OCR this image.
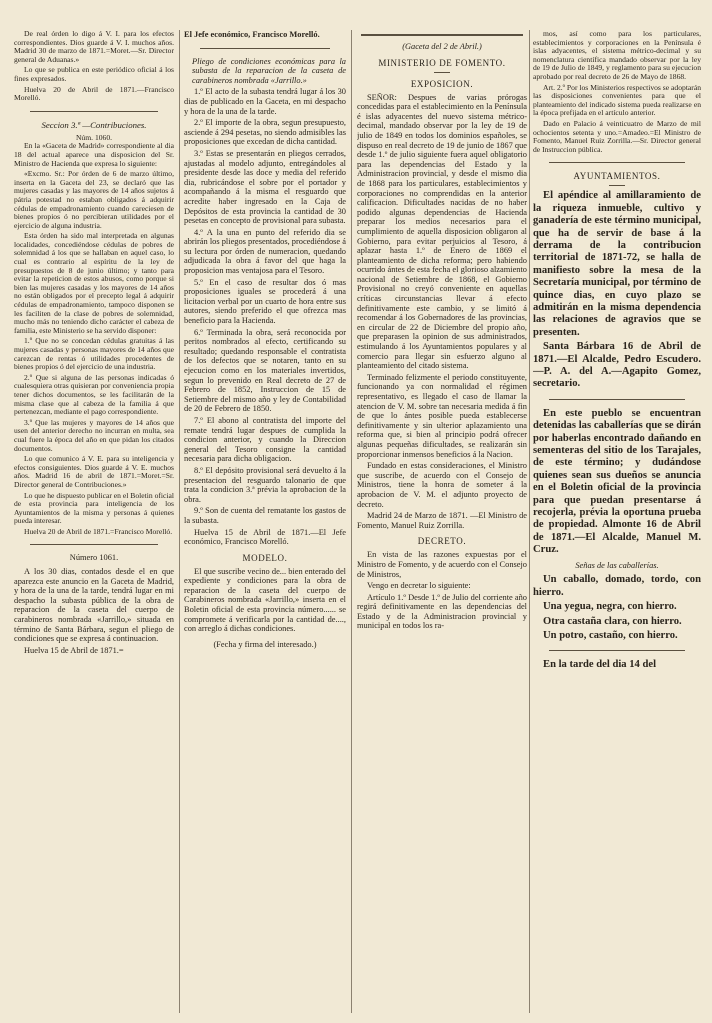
De real órden lo digo á V. I. para los efectos correspondientes. Dios guarde á V. I. muchos años. Madrid 30 de marzo de 1871.=Moret.—Sr. Director general de Aduanas.»

Lo que se publica en este periódico oficial á los fines expresados.

Huelva 20 de Abril de 1871.—Francisco Morelló.

Seccion 3.ª —Contribuciones.
Núm. 1060.

En la «Gaceta de Madrid» correspondiente al dia 18 del actual aparece una disposicion del Sr. Ministro de Hacienda que expresa lo siguiente:

«Excmo. Sr.: Por órden de 6 de marzo último, inserta en la Gaceta del 23, se declaró que las mujeres casadas y las mayores de 14 años sujetos á pátria potestad no estaban obligados á adquirir cédulas de empadronamiento cuando careciesen de bienes propios ó no percibieran utilidades por el ejercicio de alguna industria.

Esta órden ha sido mal interpretada en algunas localidades, concediéndose cédulas de pobres de solemnidad á los que se hallaban en aquel caso, lo cual es contrario al espíritu de la ley de presupuestos de 8 de junio último; y tanto para evitar la repeticion de estos abusos, como porque si bien las mujeres casadas y los mayores de 14 años no están obligados por el precepto legal á adquirir cédulas de empadronamiento, tampoco disponen se les faciliten de la clase de pobres de solemnidad, mucho más no teniendo dicho carácter el cabeza de familia, este Ministerio se ha servido disponer:

1.º Que no se concedan cédulas gratuitas á las mujeres casadas y personas mayores de 14 años que carezcan de rentas ó utilidades procedentes de bienes propios ó del ejercicio de una industria.

2.º Que si alguna de las personas indicadas ó cualesquiera otras quisieran por conveniencia propia tener dichos documentos, se les facilitarán de la misma clase que al cabeza de la familia á que pertenezcan, mediante el pago correspondiente.

3.º Que las mujeres y mayores de 14 años que usen del anterior derecho no incurran en multa, sea cual fuere la época del año en que pidan los citados documentos.

Lo que comunico á V. E. para su inteligencia y efectos consiguientes. Dios guarde á V. E. muchos años. Madrid 16 de abril de 1871.=Moret.=Sr. Director general de Contribuciones.»

Lo que he dispuesto publicar en el Boletin oficial de esta provincia para inteligencia de los Ayuntamientos de la misma y personas á quienes pueda interesar.

Huelva 20 de Abril de 1871.=Francisco Morelló.

Número 1061.

A los 30 dias, contados desde el en que aparezca este anuncio en la Gaceta de Madrid, y hora de la una de la tarde, tendrá lugar en mi despacho la subasta pública de la obra de reparacion de la caseta del cuerpo de carabineros nombrada «Jarrillo,» situada en término de Santa Bárbara, segun el pliego de condiciones que se expresa á continuacion.

Huelva 15 de Abril de 1871.=

El Jefe económico, Francisco Morelló.

Pliego de condiciones económicas para la subasta de la reparacion de la caseta de carabineros nombrada «Jarrillo.»

1.º El acto de la subasta tendrá lugar á los 30 dias de publicado en la Gaceta, en mi despacho y hora de la una de la tarde.

2.º El importe de la obra, segun presupuesto, asciende á 294 pesetas, no siendo admisibles las proposiciones que excedan de dicha cantidad.

3.º Estas se presentarán en pliegos cerrados, ajustadas al modelo adjunto, entregándoles al presidente desde las doce y media del referido dia, rubricándose el sobre por el portador y acompañando á la misma el resguardo que acredite haber ingresado en la Caja de Depósitos de esta provincia la cantidad de 30 pesetas en concepto de provisional para subasta.

4.º A la una en punto del referido dia se abrirán los pliegos presentados, procediéndose á su lectura por órden de numeracion, quedando adjudicada la obra á favor del que haga la proposicion mas ventajosa para el Tesoro.

5.º En el caso de resultar dos ó mas proposiciones iguales se procederá á una licitacion verbal por un cuarto de hora entre sus autores, siendo preferido el que ofrezca mas beneficio para la Hacienda.

6.º Terminada la obra, será reconocida por peritos nombrados al efecto, certificando su resultado; quedando responsable el contratista de los defectos que se notaren, tanto en su ejecucion como en los materiales invertidos, segun lo prevenido en Real decreto de 27 de Febrero de 1852, Instruccion de 15 de Setiembre del mismo año y ley de Contabilidad de 20 de Febrero de 1850.

7.º El abono al contratista del importe del remate tendrá lugar despues de cumplida la condicion anterior, y cuando la Direccion general del Tesoro consigne la cantidad necesaria para dicha obligacion.

8.º El depósito provisional será devuelto á la presentacion del resguardo talonario de que trata la condicion 3.ª prévia la aprobacion de la obra.

9.º Son de cuenta del rematante los gastos de la subasta.

Huelva 15 de Abril de 1871.—El Jefe económico, Francisco Morelló.

MODELO.

El que suscribe vecino de... bien enterado del expediente y condiciones para la obra de reparacion de la caseta del cuerpo de Carabineros nombrada «Jarrillo,» inserta en el Boletin oficial de esta provincia número...... se compromete á verificarla por la cantidad de...., con arreglo á dichas condiciones.

(Fecha y firma del interesado.)

(Gaceta del 2 de Abril.)
MINISTERIO DE FOMENTO.
EXPOSICION.

SEÑOR: Despues de varias prórogas concedidas para el establecimiento en la Península é islas adyacentes del nuevo sistema métrico-decimal, mandado observar por la ley de 19 de julio de 1849 en todos los dominios españoles, se dispuso en real decreto de 19 de junio de 1867 que desde 1.º de julio siguiente fuera aquel obligatorio para las dependencias del Estado y la Administracion provincial, y desde el mismo dia de 1868 para los particulares, establecimientos y corporaciones no comprendidas en la anterior calificacion. Dificultades nacidas de no haber podido algunas dependencias de Hacienda preparar los medios necesarios para el cumplimiento de aquella disposicion obligaron al Gobierno, para evitar perjuicios al Tesoro, á aplazar hasta 1.º de Enero de 1869 el planteamiento de dicha reforma; pero habiendo ocurrido ántes de esta fecha el glorioso alzamiento nacional de Setiembre de 1868, el Gobierno Provisional no creyó conveniente en aquellas críticas circunstancias llevar á efecto definitivamente este cambio, y se limitó á recomendar á los Gobernadores de las provincias, en circular de 22 de Diciembre del propio año, que preparasen la opinion de sus administrados, estimulando á los Ayuntamientos populares y al comercio para llegar sin esfuerzo alguno al planteamiento del citado sistema.

Terminado felizmente el periodo constituyente, funcionando ya con normalidad el régimen representativo, es llegado el caso de llamar la atencion de V. M. sobre tan necesaria medida á fin de que lo ántes posible pueda establecerse definitivamente y sin ulterior aplazamiento una reforma que, si bien al principio podrá ofrecer algunas pequeñas dificultades, se realizarán sin proporcionar inmensos beneficios á la Nacion.

Fundado en estas consideraciones, el Ministro que suscribe, de acuerdo con el Consejo de Ministros, tiene la honra de someter á la aprobacion de V. M. el adjunto proyecto de decreto.

Madrid 24 de Marzo de 1871. —El Ministro de Fomento, Manuel Ruiz Zorrilla.

DECRETO.

En vista de las razones expuestas por el Ministro de Fomento, y de acuerdo con el Consejo de Ministros,

Vengo en decretar lo siguiente:

Artículo 1.º Desde 1.º de Julio del corriente año regirá definitivamente en las dependencias del Estado y de la Administracion provincial y municipal en todos los ra-

mos, así como para los particulares, establecimientos y corporaciones en la Península é islas adyacentes, el sistema métrico-decimal y su nomenclatura científica mandado observar por la ley de 19 de Julio de 1849, y reglamento para su ejecucion aprobado por real decreto de 26 de Mayo de 1868.

Art. 2.º Por los Ministerios respectivos se adoptarán las disposiciones convenientes para que el planteamiento del indicado sistema pueda realizarse en la época prefijada en el artículo anterior.

Dado en Palacio á veinticuatro de Marzo de mil ochocientos setenta y uno.=Amadeo.=El Ministro de Fomento, Manuel Ruiz Zorrilla.—Sr. Director general de Instruccion pública.

AYUNTAMIENTOS.

El apéndice al amillaramiento de la riqueza inmueble, cultivo y ganadería de este término municipal, que ha de servir de base á la derrama de la contribucion territorial de 1871-72, se halla de manifiesto sobre la mesa de la Secretaría municipal, por término de quince dias, en cuyo plazo se admitirán en la misma dependencia las relaciones de agravios que se presenten.

Santa Bárbara 16 de Abril de 1871.—El Alcalde, Pedro Escudero.—P. A. del A.—Agapito Gomez, secretario.

En este pueblo se encuentran detenidas las caballerías que se dirán por haberlas encontrado dañando en sementeras del sitio de los Tarajales, de este término; y dudándose quienes sean sus dueños se anuncia en el Boletin oficial de la provincia para que puedan presentarse á recojerla, prévia la oportuna prueba de propiedad. Almonte 16 de Abril de 1871.—El Alcalde, Manuel M. Cruz.

Señas de las caballerías.

Un caballo, domado, tordo, con hierro.

Una yegua, negra, con hierro.

Otra castaña clara, con hierro.

Un potro, castaño, con hierro.

En la tarde del dia 14 del
